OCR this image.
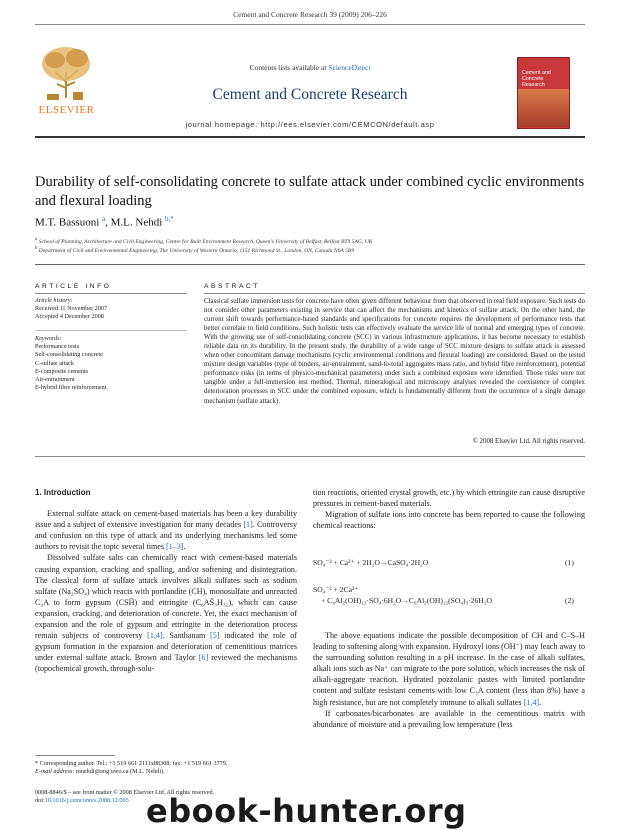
Cement and Concrete Research 39 (2009) 206–226
ELSEVIER
Contents lists available at ScienceDirect
Cement and Concrete Research
journal homepage: http://ees.elsevier.com/CEMCON/default.asp
Cement and Concrete Research
Durability of self-consolidating concrete to sulfate attack under combined cyclic environments and flexural loading
M.T. Bassuoni $^a$, M.L. Nehdi $^{b,*}$
$^a$ School of Planning, Architecture and Civil Engineering, Centre for Built Environment Research, Queen's University of Belfast, Belfast BT9 5AG, UK
$^b$ Department of Civil and Environmental Engineering, The University of Western Ontario, 1151 Richmond St., London, ON, Canada N6A 5B9
ARTICLE INFO	ABSTRACT
Article history:
Received 11 November 2007
Accepted 4 December 2008
Keywords:
Performance tests
Self-consolidating concrete
C-sulfate attack
E-composite cements
Air-entrainment
E-hybrid fibre reinforcement
Classical sulfate immersion tests for concrete have often given different behaviour from that observed in real field exposure. Such tests do not consider other parameters existing in service that can affect the mechanisms and kinetics of sulfate attack. On the other hand, the current shift towards performance-based standards and specifications for concrete requires the development of performance tests that better correlate to field conditions. Such holistic tests can effectively evaluate the service life of normal and emerging types of concrete. With the growing use of self-consolidating concrete (SCC) in various infrastructure applications, it has become necessary to establish reliable data on its durability. In the present study, the durability of a wide range of SCC mixture designs to sulfate attack is assessed when other concomitant damage mechanisms (cyclic environmental conditions and flexural loading) are considered. Based on the tested mixture design variables (type of binders, air-entrainment, sand-to-total aggregates mass ratio, and hybrid fibre reinforcement), potential performance risks (in terms of physico-mechanical parameters) under such a combined exposure were identified. Those risks were not tangible under a full-immersion test method. Thermal, mineralogical and microscopy analyses revealed the coexistence of complex deterioration processes in SCC under the combined exposure, which is fundamentally different from the occurrence of a single damage mechanism (sulfate attack).
© 2008 Elsevier Ltd. All rights reserved.

1. Introduction

External sulfate attack on cement-based materials has been a key durability issue and a subject of extensive investigation for many decades [1]. Controversy and confusion on this type of attack and its underlying mechanisms led some authors to revisit the topic several times [1–3].

Dissolved sulfate salts can chemically react with cement-based materials causing expansion, cracking and spalling, and/or softening and disintegration. The classical form of sulfate attack involves alkali sulfates such as sodium sulfate (Na₂SO₄) which reacts with portlandite (CH), monosulfate and unreacted C₃A to form gypsum (CSH̄) and ettringite (C₆AS̄₃H₃₂), which can cause expansion, cracking, and deterioration of concrete. Yet, the exact mechanism of expansion and the role of gypsum and ettringite in the deterioration process remain subjects of controversy [1,4]. Santhanam [5] indicated the role of gypsum formation in the expansion and deterioration of cementitious matrices under external sulfate attack. Brown and Taylor [6] reviewed the mechanisms (topochemical growth, through-solu-

tion reactions, oriented crystal growth, etc.) by which ettringite can cause disruptive pressures in cement-based materials.

Migration of sulfate ions into concrete has been reported to cause the following chemical reactions:

SO₄⁻² + Ca²⁺ + 2H₂O→CaSO₄·2H₂O	(1)
SO₄⁻² + 2Ca²⁺
+ C₄Al₂(OH)₁₂·SO₄·6H₂O→C₆Al₂(OH)₁₂(SO₄)₃·26H₂O	(2)

The above equations indicate the possible decomposition of CH and C–S–H leading to softening along with expansion. Hydroxyl ions (OH⁻) may leach away to the surrounding solution resulting in a pH increase. In the case of alkali sulfates, alkali ions such as Na⁺ can migrate to the pore solution, which increases the risk of alkali-aggregate reaction. Hydrated pozzolanic pastes with limited portlandite content and sulfate resistant cements with low C₃A content (less than 8%) have a high resistance, but are not completely immune to alkali sulfates [1,4].

If carbonates/bicarbonates are available in the cementitious matrix with abundance of moisture and a prevailing low temperature (less

* Corresponding author. Tel.: +1 519 661 2111x88308; fax: +1 519 661 3779.
E-mail address: mnehdi@eng.uwo.ca (M.L. Nehdi).
0008-8846/$ – see front matter © 2008 Elsevier Ltd. All rights reserved.
doi:10.1016/j.cemconres.2008.12.003 ebook-hunter.org
